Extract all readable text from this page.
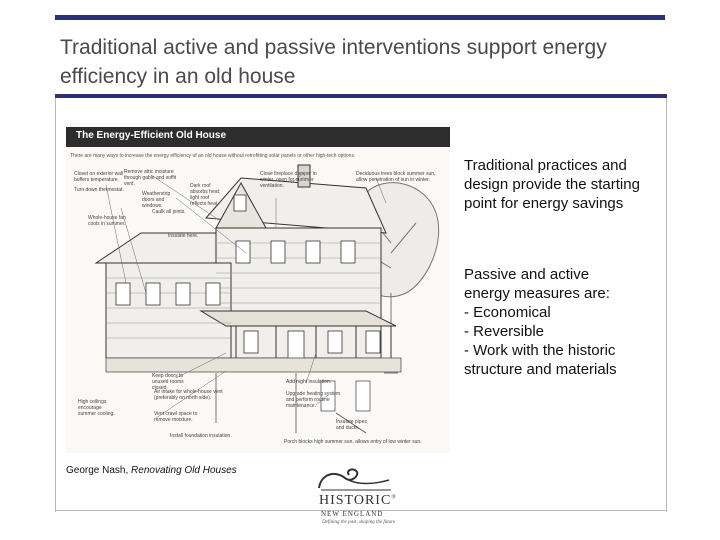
Traditional active and passive interventions support energy efficiency in an old house
The Energy-Efficient Old House
There are many ways to increase the energy efficiency of an old house without retrofitting solar panels or other high-tech options.
Closet on exterior wall buffers temperature.
Turn down thermostat.
Whole-house fan cools in summer.
Remove attic moisture through gable and soffit vent.
Weatherstrip doors and windows.
Caulk all joints.
Insulate here.
Dark roof absorbs heat; light roof reflects heat.
Close fireplace damper in winter, open for summer ventilation.
Deciduous trees block summer sun, allow penetration of sun in winter.
Keep doors to unused rooms closed.
Air intake for whole-house vent (preferably on north side).
Vent crawl space to remove moisture.
High ceilings encourage summer cooling.
Install foundation insulation.
Add night insulation.
Upgrade heating system and perform routine maintenance.
Insulate pipes and ducts.
Porch blocks high summer sun, allows entry of low winter sun.
George Nash, Renovating Old Houses
Traditional practices and design provide the starting point for energy savings
Passive and active
energy measures are:
- Economical
- Reversible
- Work with the historic
structure and materials
HISTORIC®
NEW ENGLAND
Defining the past, shaping the future
